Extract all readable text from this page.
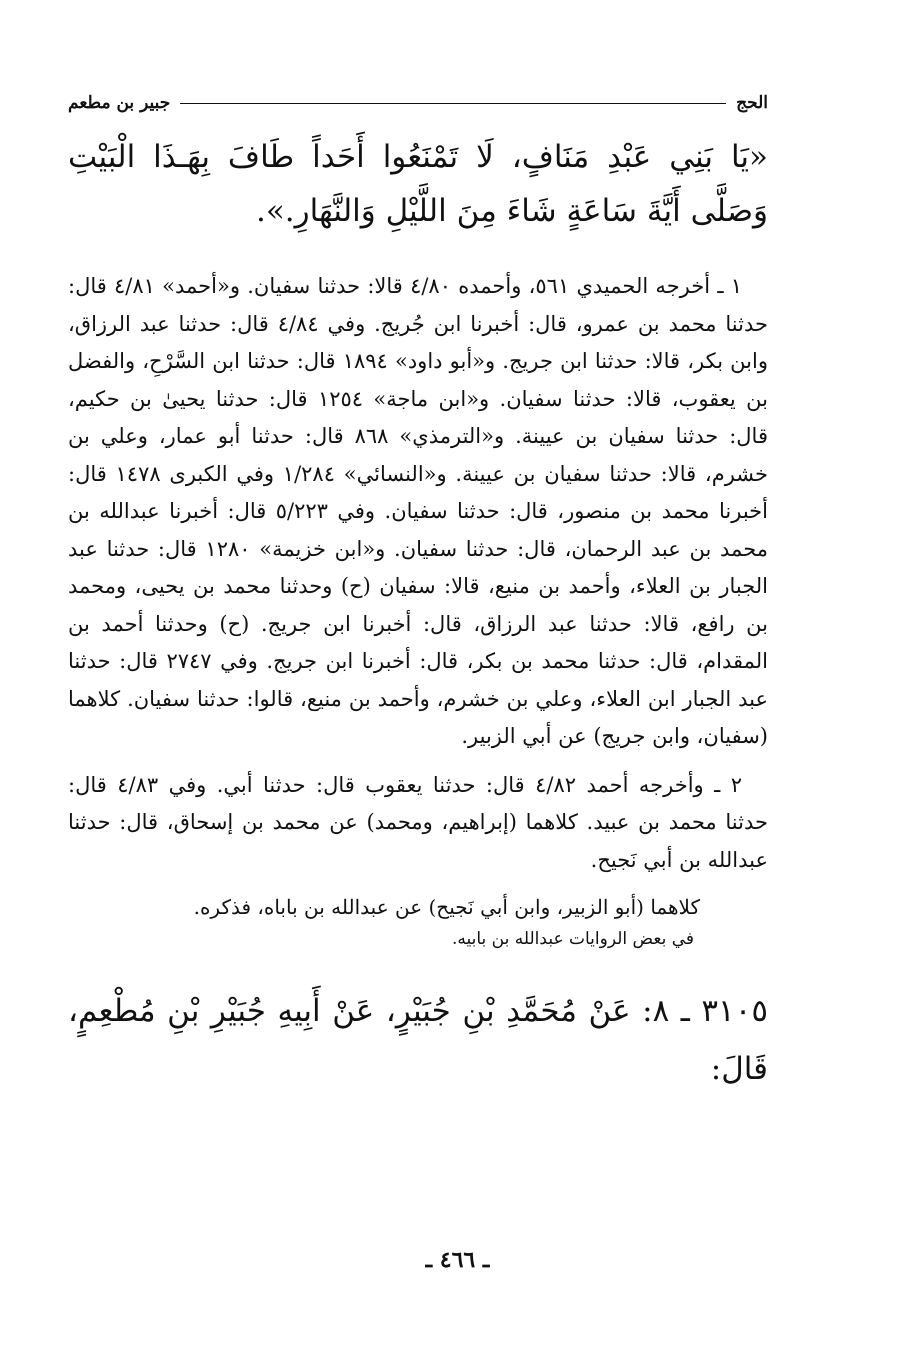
الحج
جبير بن مطعم
«يَا بَنِي عَبْدِ مَنَافٍ، لَا تَمْنَعُوا أَحَداً طَافَ بِهَـذَا الْبَيْتِ وَصَلَّى أَيَّةَ سَاعَةٍ شَاءَ مِنَ اللَّيْلِ وَالنَّهَارِ.».

١ ـ أخرجه الحميدي ٥٦١، وأحمده ٤/٨٠ قالا: حدثنا سفيان. و«أحمد» ٤/٨١ قال: حدثنا محمد بن عمرو، قال: أخبرنا ابن جُريج. وفي ٤/٨٤ قال: حدثنا عبد الرزاق، وابن بكر، قالا: حدثنا ابن جريج. و«أبو داود» ١٨٩٤ قال: حدثنا ابن السَّرْحِ، والفضل بن يعقوب، قالا: حدثنا سفيان. و«ابن ماجة» ١٢٥٤ قال: حدثنا يحيىٰ بن حكيم، قال: حدثنا سفيان بن عيينة. و«الترمذي» ٨٦٨ قال: حدثنا أبو عمار، وعلي بن خشرم، قالا: حدثنا سفيان بن عيينة. و«النسائي» ١/٢٨٤ وفي الكبرى ١٤٧٨ قال: أخبرنا محمد بن منصور، قال: حدثنا سفيان. وفي ٥/٢٢٣ قال: أخبرنا عبدالله بن محمد بن عبد الرحمان، قال: حدثنا سفيان. و«ابن خزيمة» ١٢٨٠ قال: حدثنا عبد الجبار بن العلاء، وأحمد بن منيع، قالا: سفيان (ح) وحدثنا محمد بن يحيى، ومحمد بن رافع، قالا: حدثنا عبد الرزاق، قال: أخبرنا ابن جريج. (ح) وحدثنا أحمد بن المقدام، قال: حدثنا محمد بن بكر، قال: أخبرنا ابن جريج. وفي ٢٧٤٧ قال: حدثنا عبد الجبار ابن العلاء، وعلي بن خشرم، وأحمد بن منيع، قالوا: حدثنا سفيان. كلاهما (سفيان، وابن جريج) عن أبي الزبير.

٢ ـ وأخرجه أحمد ٤/٨٢ قال: حدثنا يعقوب قال: حدثنا أبي. وفي ٤/٨٣ قال: حدثنا محمد بن عبيد. كلاهما (إبراهيم، ومحمد) عن محمد بن إسحاق، قال: حدثنا عبدالله بن أبي نَجيح.

كلاهما (أبو الزبير، وابن أبي نَجيح) عن عبدالله بن باباه، فذكره.
في بعض الروايات عبدالله بن بابيه.
٣١٠٥ ـ ٨: عَنْ مُحَمَّدِ بْنِ جُبَيْرٍ، عَنْ أَبِيهِ جُبَيْرِ بْنِ مُطْعِمٍ، قَالَ:
ـ ٤٦٦ ـ
